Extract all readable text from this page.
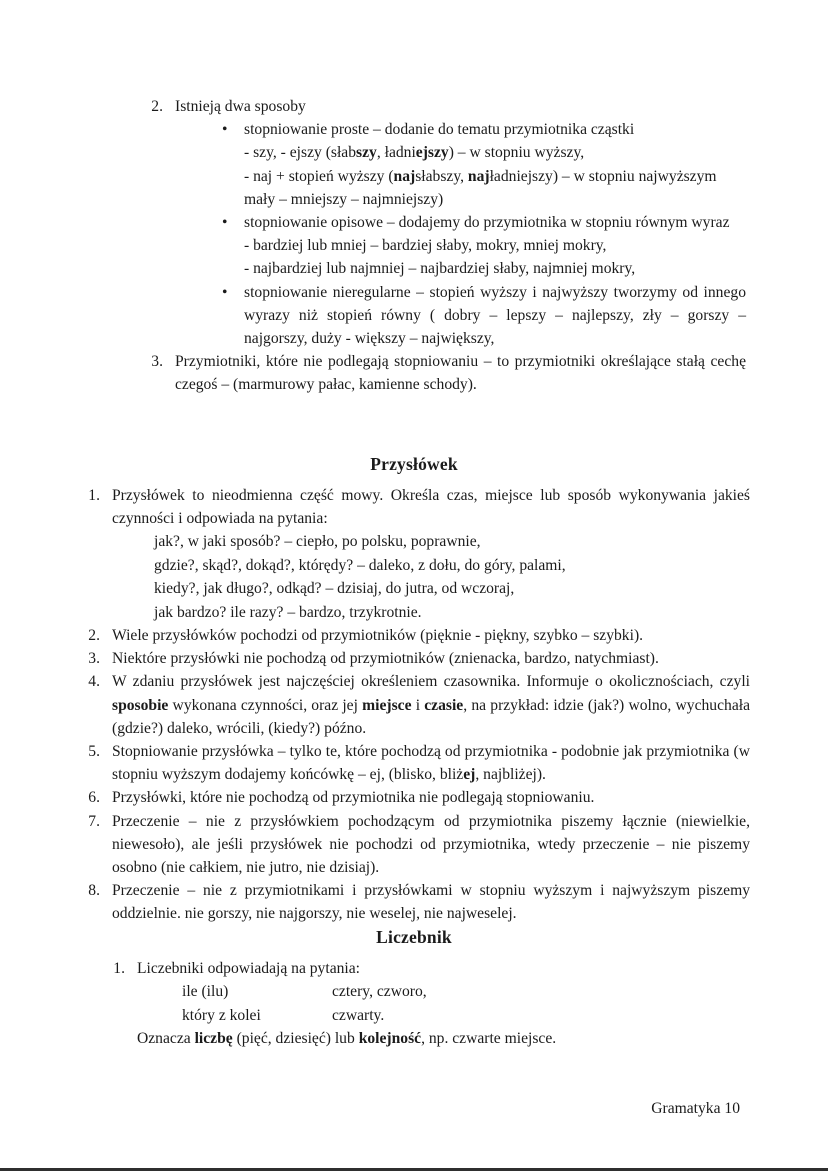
2. Istnieją dwa sposoby
• stopniowanie proste – dodanie do tematu przymiotnika cząstki
- szy, - ejszy (słabszy, ładniejszy) – w stopniu wyższy,
- naj + stopień wyższy (najsłabszy, najładniejszy) – w stopniu najwyższym
mały – mniejszy – najmniejszy)
• stopniowanie opisowe – dodajemy do przymiotnika w stopniu równym wyraz
- bardziej lub mniej – bardziej słaby, mokry, mniej mokry,
- najbardziej lub najmniej – najbardziej słaby, najmniej mokry,
• stopniowanie nieregularne – stopień wyższy i najwyższy tworzymy od innego wyrazy niż stopień równy ( dobry – lepszy – najlepszy, zły – gorszy – najgorszy, duży - większy – największy,
3. Przymiotniki, które nie podlegają stopniowaniu – to przymiotniki określające stałą cechę czegoś – (marmurowy pałac, kamienne schody).
Przysłówek
1. Przysłówek to nieodmienna część mowy. Określa czas, miejsce lub sposób wykonywania jakieś czynności i odpowiada na pytania:
jak?, w jaki sposób? – ciepło, po polsku, poprawnie,
gdzie?, skąd?, dokąd?, którędy? – daleko, z dołu, do góry, palami,
kiedy?, jak długo?, odkąd? – dzisiaj, do jutra, od wczoraj,
jak bardzo? ile razy? – bardzo, trzykrotnie.
2. Wiele przysłówków pochodzi od przymiotników (pięknie - piękny, szybko – szybki).
3. Niektóre przysłówki nie pochodzą od przymiotników (znienacka, bardzo, natychmiast).
4. W zdaniu przysłówek jest najczęściej określeniem czasownika. Informuje o okolicznościach, czyli sposobie wykonana czynności, oraz jej miejsce i czasie, na przykład: idzie (jak?) wolno, wychuchała (gdzie?) daleko, wrócili, (kiedy?) późno.
5. Stopniowanie przysłówka – tylko te, które pochodzą od przymiotnika - podobnie jak przymiotnika (w stopniu wyższym dodajemy końcówkę – ej, (blisko, bliżej, najbliżej).
6. Przysłówki, które nie pochodzą od przymiotnika nie podlegają stopniowaniu.
7. Przeczenie – nie z przysłówkiem pochodzącym od przymiotnika piszemy łącznie (niewielkie, niewesoło), ale jeśli przysłówek nie pochodzi od przymiotnika, wtedy przeczenie – nie piszemy osobno (nie całkiem, nie jutro, nie dzisiaj).
8. Przeczenie – nie z przymiotnikami i przysłówkami w stopniu wyższym i najwyższym piszemy oddzielnie. nie gorszy, nie najgorszy, nie weselej, nie najweselej.
Liczebnik
1. Liczebniki odpowiadają na pytania:
ile (ilu)	cztery, czworo,
który z kolei	czwarty.
Oznacza liczbę (pięć, dziesięć) lub kolejność, np. czwarte miejsce.
Gramatyka 10
